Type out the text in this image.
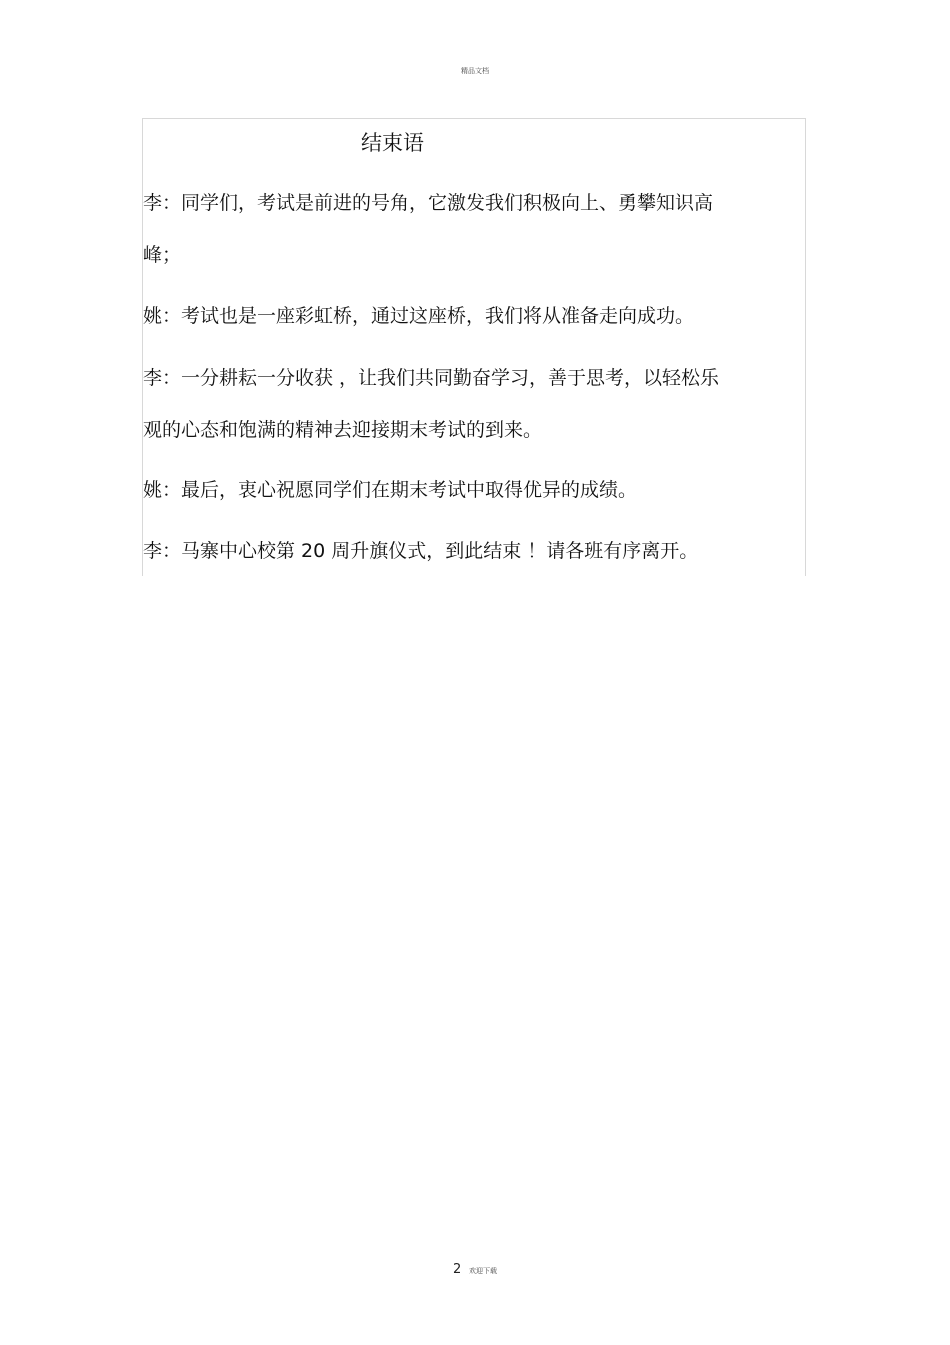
精品文档
结束语
李：同学们，考试是前进的号角，它激发我们积极向上、勇攀知识高
峰；
姚：考试也是一座彩虹桥，通过这座桥，我们将从准备走向成功。
李：一分耕耘一分收获 ，让我们共同勤奋学习，善于思考，以轻松乐
观的心态和饱满的精神去迎接期末考试的到来。
姚：最后，衷心祝愿同学们在期末考试中取得优异的成绩。
李：马寨中心校第 20 周升旗仪式，到此结束 ！请各班有序离开。
2 欢迎下载
